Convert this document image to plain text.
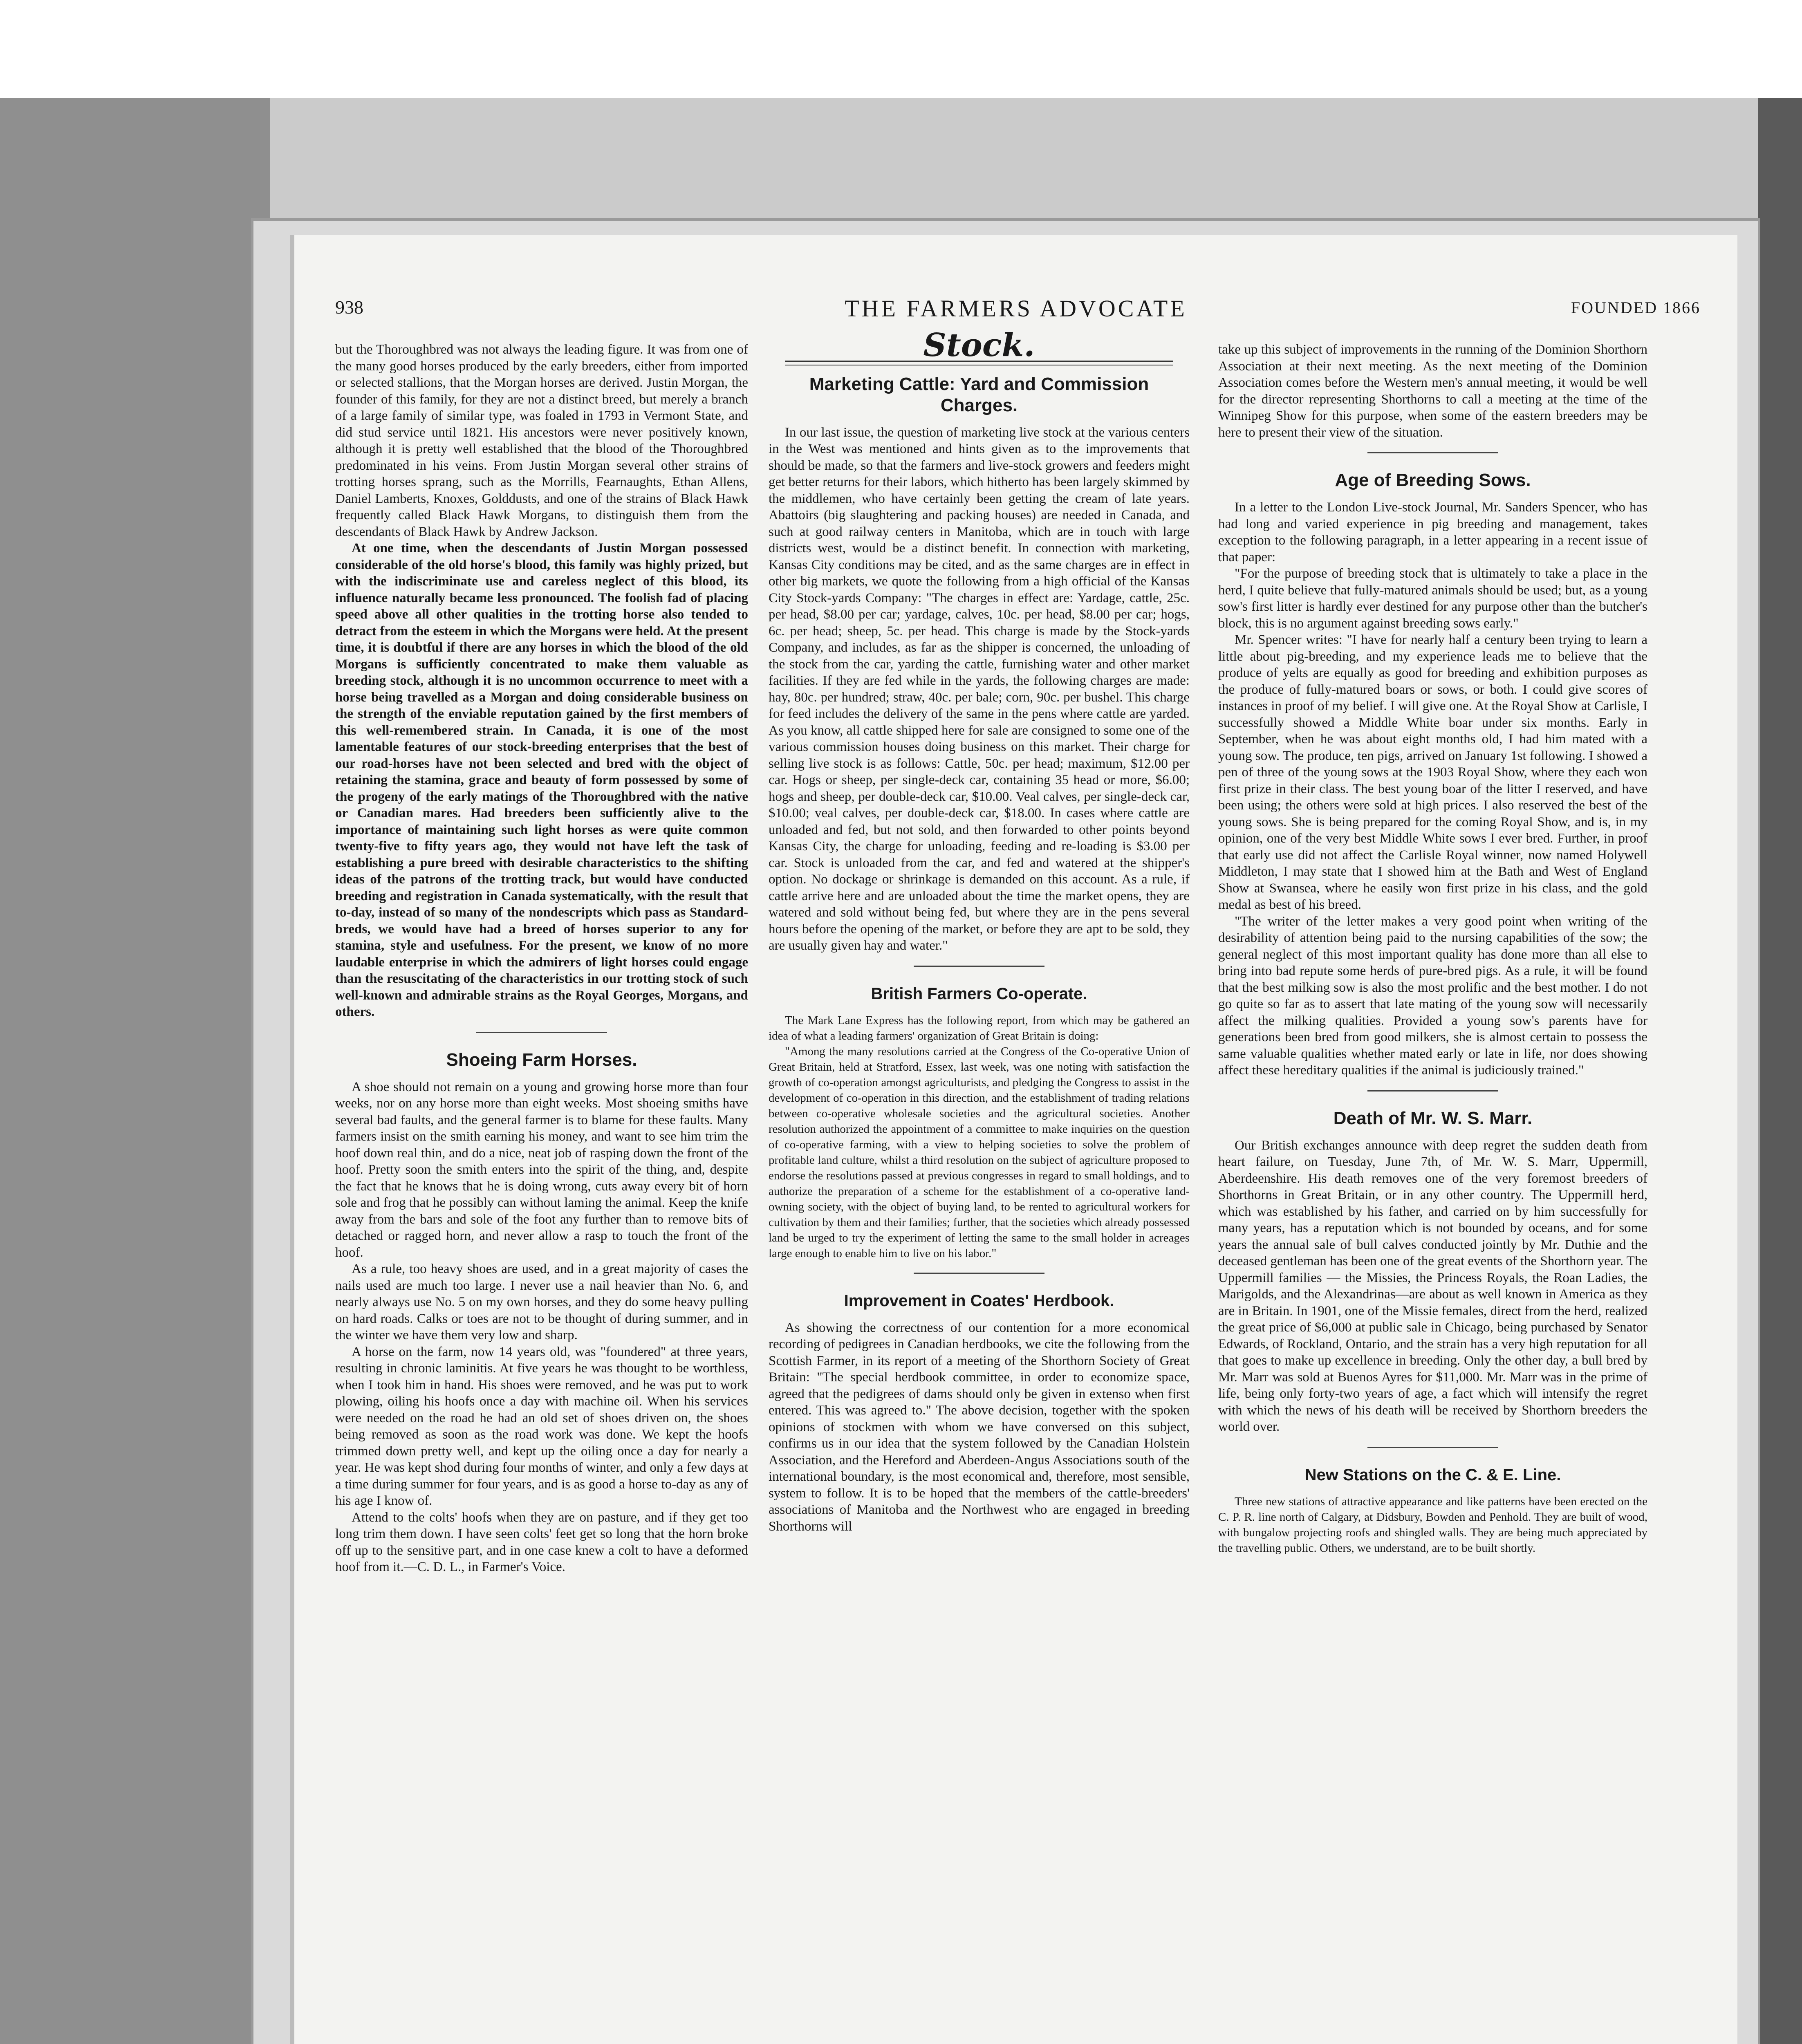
938	THE FARMERS ADVOCATE	FOUNDED 1866

but the Thoroughbred was not always the leading figure. It was from one of the many good horses produced by the early breeders, either from imported or selected stallions, that the Morgan horses are derived. Justin Morgan, the founder of this family, for they are not a distinct breed, but merely a branch of a large family of similar type, was foaled in 1793 in Vermont State, and did stud service until 1821. His ancestors were never positively known, although it is pretty well established that the blood of the Thoroughbred predominated in his veins. From Justin Morgan several other strains of trotting horses sprang, such as the Morrills, Fearnaughts, Ethan Allens, Daniel Lamberts, Knoxes, Golddusts, and one of the strains of Black Hawk frequently called Black Hawk Morgans, to distinguish them from the descendants of Black Hawk by Andrew Jackson.

At one time, when the descendants of Justin Morgan possessed considerable of the old horse's blood, this family was highly prized, but with the indiscriminate use and careless neglect of this blood, its influence naturally became less pronounced. The foolish fad of placing speed above all other qualities in the trotting horse also tended to detract from the esteem in which the Morgans were held. At the present time, it is doubtful if there are any horses in which the blood of the old Morgans is sufficiently concentrated to make them valuable as breeding stock, although it is no uncommon occurrence to meet with a horse being travelled as a Morgan and doing considerable business on the strength of the enviable reputation gained by the first members of this well-remembered strain. In Canada, it is one of the most lamentable features of our stock-breeding enterprises that the best of our road-horses have not been selected and bred with the object of retaining the stamina, grace and beauty of form possessed by some of the progeny of the early matings of the Thoroughbred with the native or Canadian mares. Had breeders been sufficiently alive to the importance of maintaining such light horses as were quite common twenty-five to fifty years ago, they would not have left the task of establishing a pure breed with desirable characteristics to the shifting ideas of the patrons of the trotting track, but would have conducted breeding and registration in Canada systematically, with the result that to-day, instead of so many of the nondescripts which pass as Standard-breds, we would have had a breed of horses superior to any for stamina, style and usefulness. For the present, we know of no more laudable enterprise in which the admirers of light horses could engage than the resuscitating of the characteristics in our trotting stock of such well-known and admirable strains as the Royal Georges, Morgans, and others.

Shoeing Farm Horses.

A shoe should not remain on a young and growing horse more than four weeks, nor on any horse more than eight weeks. Most shoeing smiths have several bad faults, and the general farmer is to blame for these faults. Many farmers insist on the smith earning his money, and want to see him trim the hoof down real thin, and do a nice, neat job of rasping down the front of the hoof. Pretty soon the smith enters into the spirit of the thing, and, despite the fact that he knows that he is doing wrong, cuts away every bit of horn sole and frog that he possibly can without laming the animal. Keep the knife away from the bars and sole of the foot any further than to remove bits of detached or ragged horn, and never allow a rasp to touch the front of the hoof.

As a rule, too heavy shoes are used, and in a great majority of cases the nails used are much too large. I never use a nail heavier than No. 6, and nearly always use No. 5 on my own horses, and they do some heavy pulling on hard roads. Calks or toes are not to be thought of during summer, and in the winter we have them very low and sharp.

A horse on the farm, now 14 years old, was "foundered" at three years, resulting in chronic laminitis. At five years he was thought to be worthless, when I took him in hand. His shoes were removed, and he was put to work plowing, oiling his hoofs once a day with machine oil. When his services were needed on the road he had an old set of shoes driven on, the shoes being removed as soon as the road work was done. We kept the hoofs trimmed down pretty well, and kept up the oiling once a day for nearly a year. He was kept shod during four months of winter, and only a few days at a time during summer for four years, and is as good a horse to-day as any of his age I know of.

Attend to the colts' hoofs when they are on pasture, and if they get too long trim them down. I have seen colts' feet get so long that the horn broke off up to the sensitive part, and in one case knew a colt to have a deformed hoof from it.—C. D. L., in Farmer's Voice.

Stock.
Marketing Cattle: Yard and Commission Charges.

In our last issue, the question of marketing live stock at the various centers in the West was mentioned and hints given as to the improvements that should be made, so that the farmers and live-stock growers and feeders might get better returns for their labors, which hitherto has been largely skimmed by the middlemen, who have certainly been getting the cream of late years. Abattoirs (big slaughtering and packing houses) are needed in Canada, and such at good railway centers in Manitoba, which are in touch with large districts west, would be a distinct benefit. In connection with marketing, Kansas City conditions may be cited, and as the same charges are in effect in other big markets, we quote the following from a high official of the Kansas City Stock-yards Company: "The charges in effect are: Yardage, cattle, 25c. per head, $8.00 per car; yardage, calves, 10c. per head, $8.00 per car; hogs, 6c. per head; sheep, 5c. per head. This charge is made by the Stock-yards Company, and includes, as far as the shipper is concerned, the unloading of the stock from the car, yarding the cattle, furnishing water and other market facilities. If they are fed while in the yards, the following charges are made: hay, 80c. per hundred; straw, 40c. per bale; corn, 90c. per bushel. This charge for feed includes the delivery of the same in the pens where cattle are yarded. As you know, all cattle shipped here for sale are consigned to some one of the various commission houses doing business on this market. Their charge for selling live stock is as follows: Cattle, 50c. per head; maximum, $12.00 per car. Hogs or sheep, per single-deck car, containing 35 head or more, $6.00; hogs and sheep, per double-deck car, $10.00. Veal calves, per single-deck car, $10.00; veal calves, per double-deck car, $18.00. In cases where cattle are unloaded and fed, but not sold, and then forwarded to other points beyond Kansas City, the charge for unloading, feeding and re-loading is $3.00 per car. Stock is unloaded from the car, and fed and watered at the shipper's option. No dockage or shrinkage is demanded on this account. As a rule, if cattle arrive here and are unloaded about the time the market opens, they are watered and sold without being fed, but where they are in the pens several hours before the opening of the market, or before they are apt to be sold, they are usually given hay and water."

British Farmers Co-operate.

The Mark Lane Express has the following report, from which may be gathered an idea of what a leading farmers' organization of Great Britain is doing:

"Among the many resolutions carried at the Congress of the Co-operative Union of Great Britain, held at Stratford, Essex, last week, was one noting with satisfaction the growth of co-operation amongst agriculturists, and pledging the Congress to assist in the development of co-operation in this direction, and the establishment of trading relations between co-operative wholesale societies and the agricultural societies. Another resolution authorized the appointment of a committee to make inquiries on the question of co-operative farming, with a view to helping societies to solve the problem of profitable land culture, whilst a third resolution on the subject of agriculture proposed to endorse the resolutions passed at previous congresses in regard to small holdings, and to authorize the preparation of a scheme for the establishment of a co-operative land-owning society, with the object of buying land, to be rented to agricultural workers for cultivation by them and their families; further, that the societies which already possessed land be urged to try the experiment of letting the same to the small holder in acreages large enough to enable him to live on his labor."

Improvement in Coates' Herdbook.

As showing the correctness of our contention for a more economical recording of pedigrees in Canadian herdbooks, we cite the following from the Scottish Farmer, in its report of a meeting of the Shorthorn Society of Great Britain: "The special herdbook committee, in order to economize space, agreed that the pedigrees of dams should only be given in extenso when first entered. This was agreed to." The above decision, together with the spoken opinions of stockmen with whom we have conversed on this subject, confirms us in our idea that the system followed by the Canadian Holstein Association, and the Hereford and Aberdeen-Angus Associations south of the international boundary, is the most economical and, therefore, most sensible, system to follow. It is to be hoped that the members of the cattle-breeders' associations of Manitoba and the Northwest who are engaged in breeding Shorthorns will

take up this subject of improvements in the running of the Dominion Shorthorn Association at their next meeting. As the next meeting of the Dominion Association comes before the Western men's annual meeting, it would be well for the director representing Shorthorns to call a meeting at the time of the Winnipeg Show for this purpose, when some of the eastern breeders may be here to present their view of the situation.

Age of Breeding Sows.

In a letter to the London Live-stock Journal, Mr. Sanders Spencer, who has had long and varied experience in pig breeding and management, takes exception to the following paragraph, in a letter appearing in a recent issue of that paper:

"For the purpose of breeding stock that is ultimately to take a place in the herd, I quite believe that fully-matured animals should be used; but, as a young sow's first litter is hardly ever destined for any purpose other than the butcher's block, this is no argument against breeding sows early."

Mr. Spencer writes: "I have for nearly half a century been trying to learn a little about pig-breeding, and my experience leads me to believe that the produce of yelts are equally as good for breeding and exhibition purposes as the produce of fully-matured boars or sows, or both. I could give scores of instances in proof of my belief. I will give one. At the Royal Show at Carlisle, I successfully showed a Middle White boar under six months. Early in September, when he was about eight months old, I had him mated with a young sow. The produce, ten pigs, arrived on January 1st following. I showed a pen of three of the young sows at the 1903 Royal Show, where they each won first prize in their class. The best young boar of the litter I reserved, and have been using; the others were sold at high prices. I also reserved the best of the young sows. She is being prepared for the coming Royal Show, and is, in my opinion, one of the very best Middle White sows I ever bred. Further, in proof that early use did not affect the Carlisle Royal winner, now named Holywell Middleton, I may state that I showed him at the Bath and West of England Show at Swansea, where he easily won first prize in his class, and the gold medal as best of his breed.

"The writer of the letter makes a very good point when writing of the desirability of attention being paid to the nursing capabilities of the sow; the general neglect of this most important quality has done more than all else to bring into bad repute some herds of pure-bred pigs. As a rule, it will be found that the best milking sow is also the most prolific and the best mother. I do not go quite so far as to assert that late mating of the young sow will necessarily affect the milking qualities. Provided a young sow's parents have for generations been bred from good milkers, she is almost certain to possess the same valuable qualities whether mated early or late in life, nor does showing affect these hereditary qualities if the animal is judiciously trained."

Death of Mr. W. S. Marr.

Our British exchanges announce with deep regret the sudden death from heart failure, on Tuesday, June 7th, of Mr. W. S. Marr, Uppermill, Aberdeenshire. His death removes one of the very foremost breeders of Shorthorns in Great Britain, or in any other country. The Uppermill herd, which was established by his father, and carried on by him successfully for many years, has a reputation which is not bounded by oceans, and for some years the annual sale of bull calves conducted jointly by Mr. Duthie and the deceased gentleman has been one of the great events of the Shorthorn year. The Uppermill families — the Missies, the Princess Royals, the Roan Ladies, the Marigolds, and the Alexandrinas—are about as well known in America as they are in Britain. In 1901, one of the Missie females, direct from the herd, realized the great price of $6,000 at public sale in Chicago, being purchased by Senator Edwards, of Rockland, Ontario, and the strain has a very high reputation for all that goes to make up excellence in breeding. Only the other day, a bull bred by Mr. Marr was sold at Buenos Ayres for $11,000. Mr. Marr was in the prime of life, being only forty-two years of age, a fact which will intensify the regret with which the news of his death will be received by Shorthorn breeders the world over.

New Stations on the C. & E. Line.

Three new stations of attractive appearance and like patterns have been erected on the C. P. R. line north of Calgary, at Didsbury, Bowden and Penhold. They are built of wood, with bungalow projecting roofs and shingled walls. They are being much appreciated by the travelling public. Others, we understand, are to be built shortly.
